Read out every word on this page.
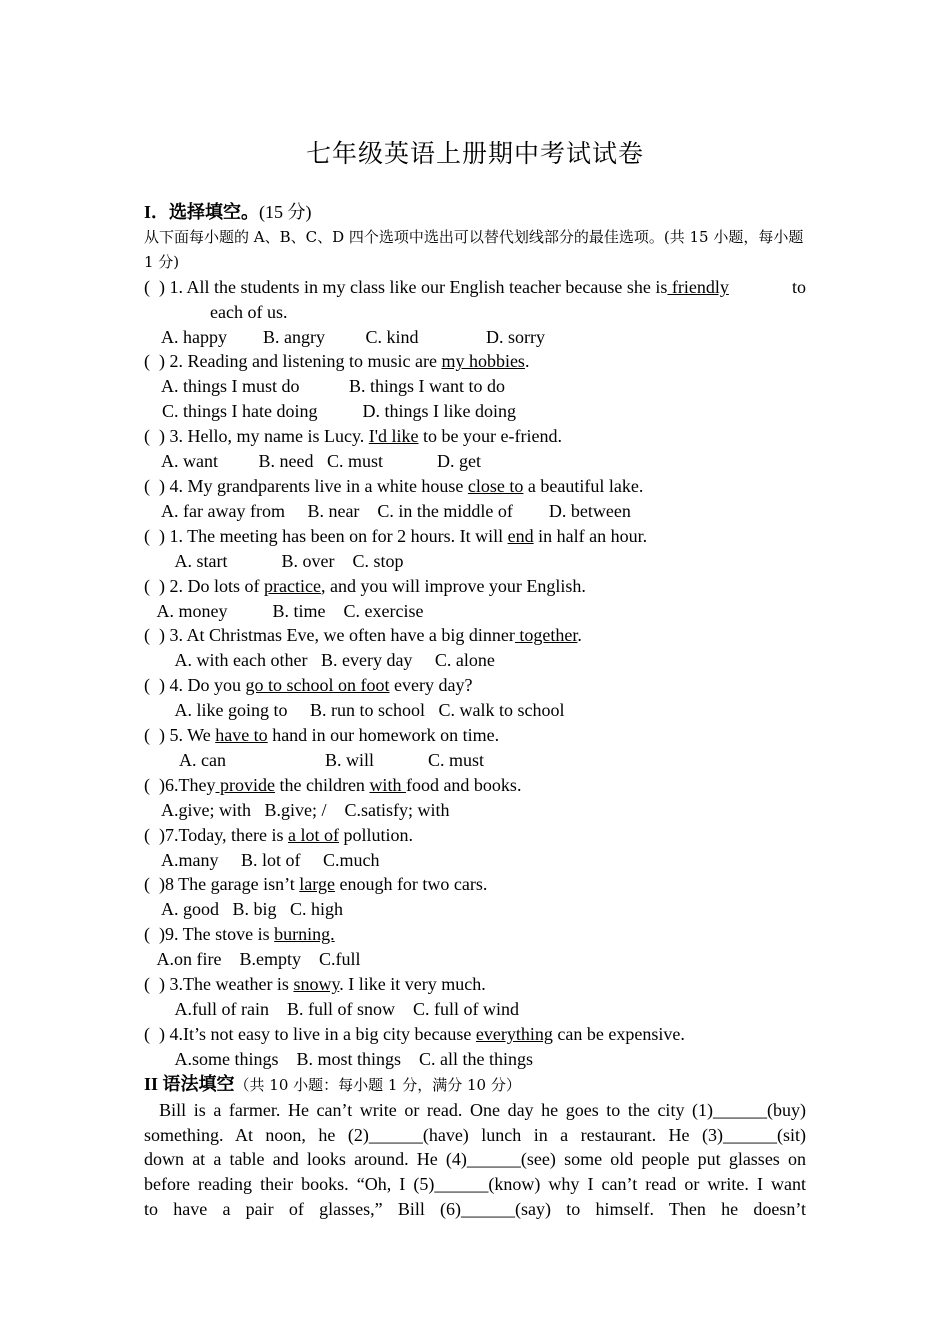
七年级英语上册期中考试试卷
I．选择填空。(15 分)
从下面每小题的 A、B、C、D 四个选项中选出可以替代划线部分的最佳选项。(共 15 小题，每小题 1 分)
(  ) 1. All the students in my class like our English teacher because she is friendly	to
each of us.
A. happy        B. angry         C. kind               D. sorry
(  ) 2. Reading and listening to music are my hobbies.
A. things I must do           B. things I want to do
C. things I hate doing          D. things I like doing
(  ) 3. Hello, my name is Lucy. I'd like to be your e-friend.
A. want         B. need   C. must            D. get
(  ) 4. My grandparents live in a white house close to a beautiful lake.
A. far away from     B. near    C. in the middle of        D. between
(  ) 1. The meeting has been on for 2 hours. It will end in half an hour.
A. start            B. over    C. stop
(  ) 2. Do lots of practice, and you will improve your English.
A. money          B. time    C. exercise
(  ) 3. At Christmas Eve, we often have a big dinner together.
A. with each other   B. every day     C. alone
(  ) 4. Do you go to school on foot every day?
A. like going to     B. run to school   C. walk to school
(  ) 5. We have to hand in our homework on time.
A. can                      B. will            C. must
(  )6.They provide the children with food and books.
A.give; with   B.give; /    C.satisfy; with
(  )7.Today, there is a lot of pollution.
A.many     B. lot of     C.much
(  )8 The garage isn’t large enough for two cars.
A. good   B. big   C. high
(  )9. The stove is burning.
A.on fire    B.empty    C.full
(  ) 3.The weather is snowy. I like it very much.
A.full of rain    B. full of snow    C. full of wind
(  ) 4.It’s not easy to live in a big city because everything can be expensive.
A.some things    B. most things    C. all the things
II 语法填空（共 10 小题：每小题 1 分，满分 10 分）
Bill is a farmer. He can’t write or read. One day he goes to the city (1)______(buy)
something. At noon, he (2)______(have) lunch in a restaurant. He (3)______(sit)
down at a table and looks around. He (4)______(see) some old people put glasses on
before reading their books. “Oh, I (5)______(know) why I can’t read or write. I want
to have a pair of glasses,” Bill (6)______(say) to himself. Then he doesn’t
